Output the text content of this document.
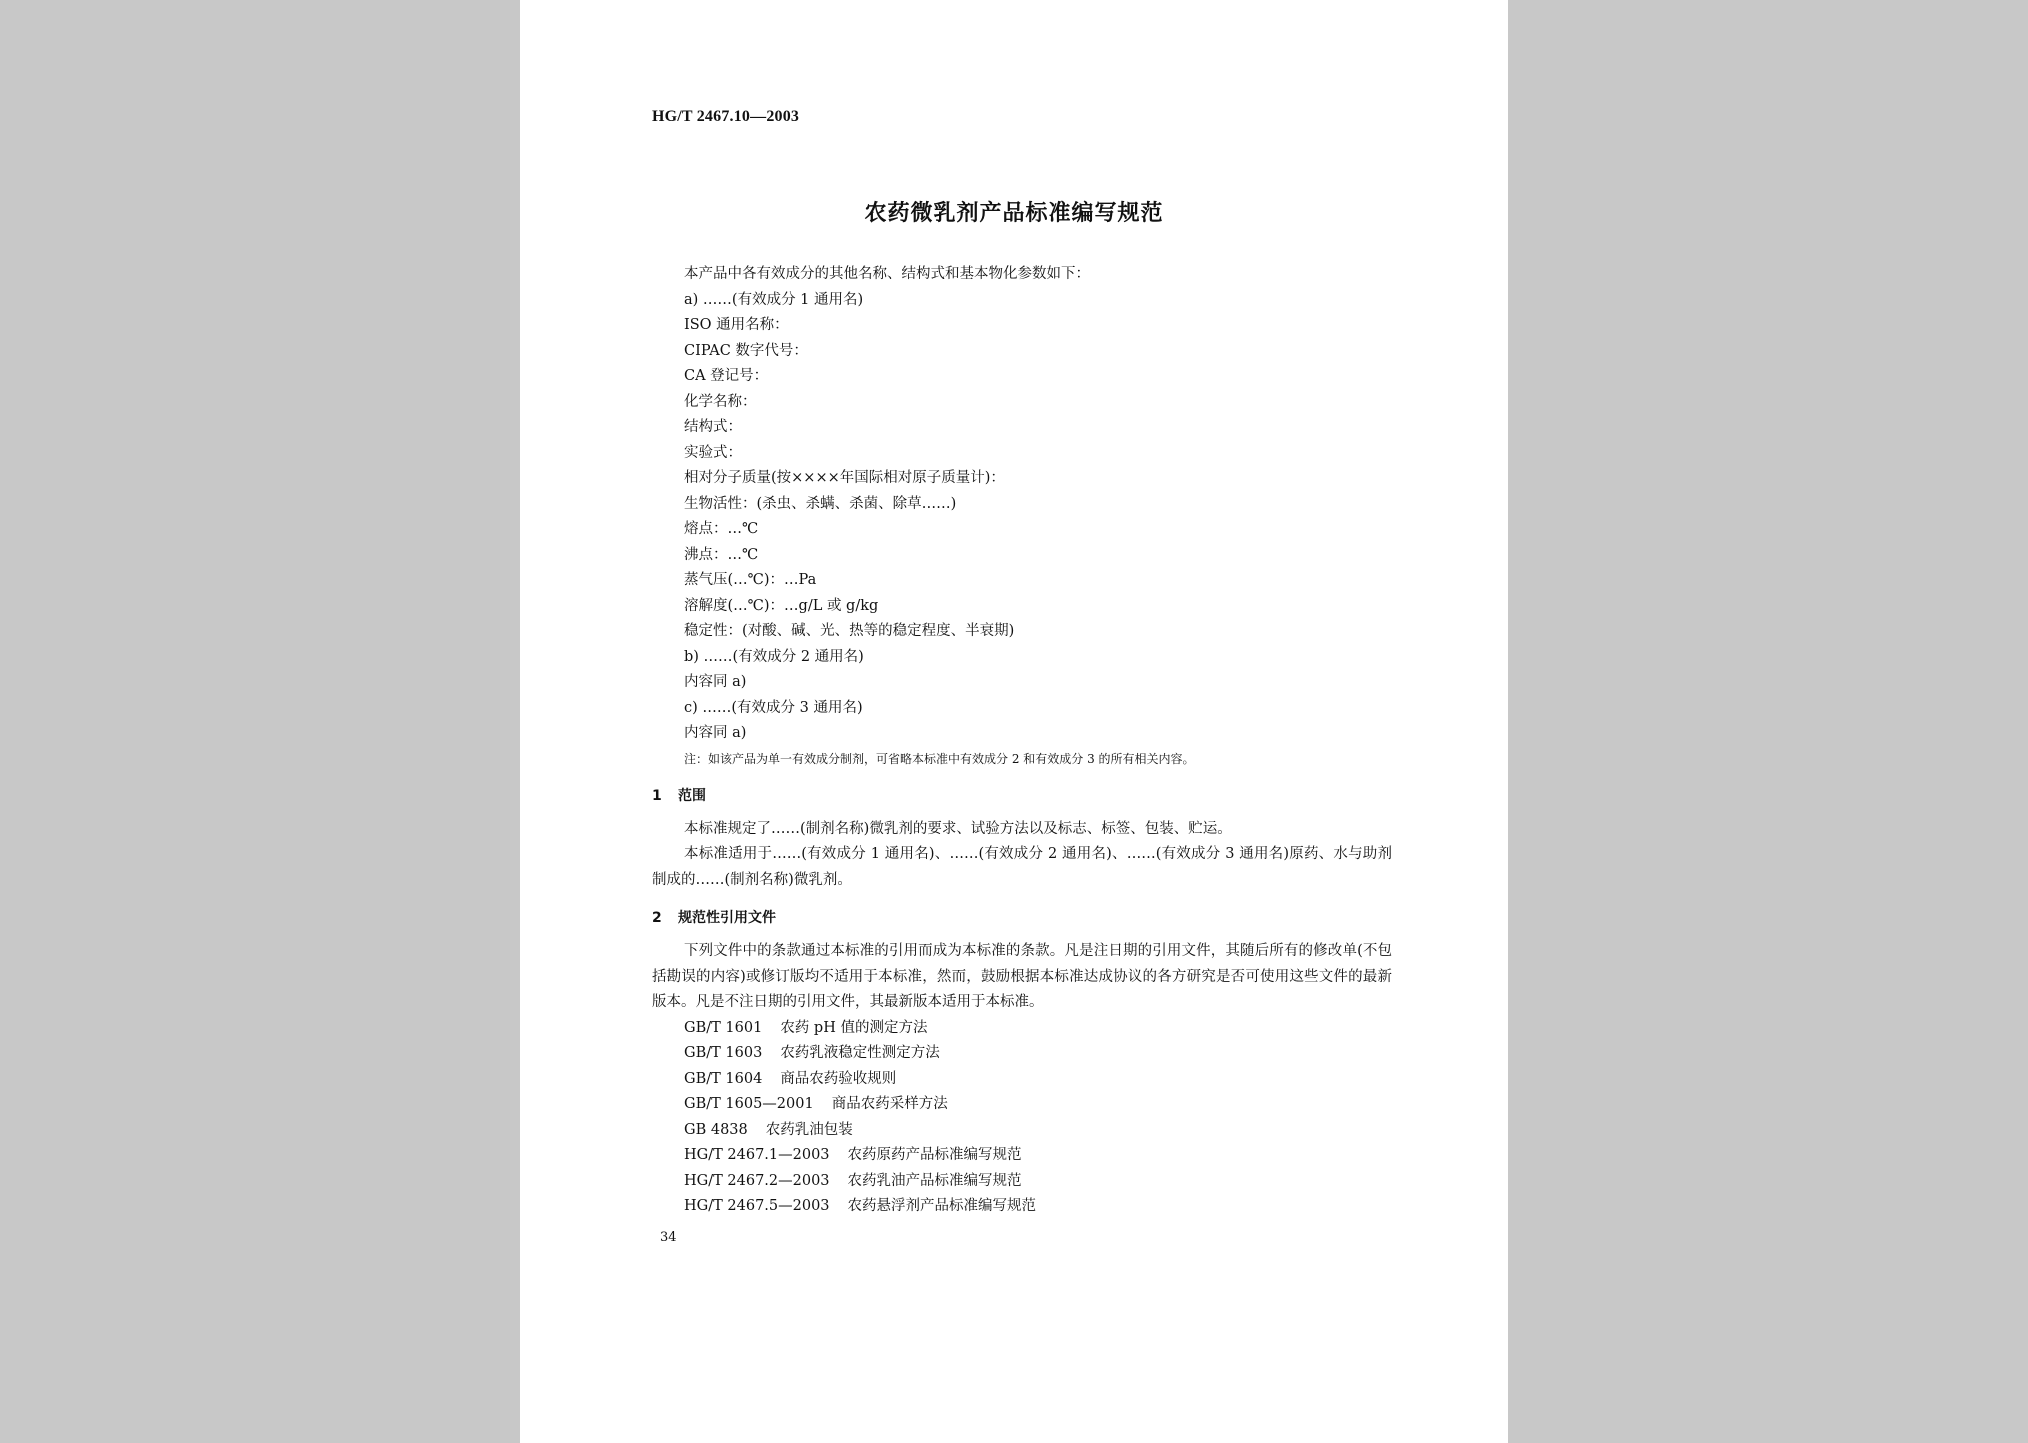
HG/T 2467.10—2003
农药微乳剂产品标准编写规范
本产品中各有效成分的其他名称、结构式和基本物化参数如下：
a) ……(有效成分 1 通用名)
ISO 通用名称：
CIPAC 数字代号：
CA 登记号：
化学名称：
结构式：
实验式：
相对分子质量(按××××年国际相对原子质量计)：
生物活性：(杀虫、杀螨、杀菌、除草……)
熔点：…℃
沸点：…℃
蒸气压(…℃)：…Pa
溶解度(…℃)：…g/L 或 g/kg
稳定性：(对酸、碱、光、热等的稳定程度、半衰期)
b) ……(有效成分 2 通用名)
内容同 a)
c) ……(有效成分 3 通用名)
内容同 a)
注：如该产品为单一有效成分制剂，可省略本标准中有效成分 2 和有效成分 3 的所有相关内容。
1 范围
本标准规定了……(制剂名称)微乳剂的要求、试验方法以及标志、标签、包装、贮运。
本标准适用于……(有效成分 1 通用名)、……(有效成分 2 通用名)、……(有效成分 3 通用名)原药、水与助剂制成的……(制剂名称)微乳剂。
2 规范性引用文件
下列文件中的条款通过本标准的引用而成为本标准的条款。凡是注日期的引用文件，其随后所有的修改单(不包括勘误的内容)或修订版均不适用于本标准，然而，鼓励根据本标准达成协议的各方研究是否可使用这些文件的最新版本。凡是不注日期的引用文件，其最新版本适用于本标准。
GB/T 1601 农药 pH 值的测定方法
GB/T 1603 农药乳液稳定性测定方法
GB/T 1604 商品农药验收规则
GB/T 1605—2001 商品农药采样方法
GB 4838 农药乳油包装
HG/T 2467.1—2003 农药原药产品标准编写规范
HG/T 2467.2—2003 农药乳油产品标准编写规范
HG/T 2467.5—2003 农药悬浮剂产品标准编写规范
34
